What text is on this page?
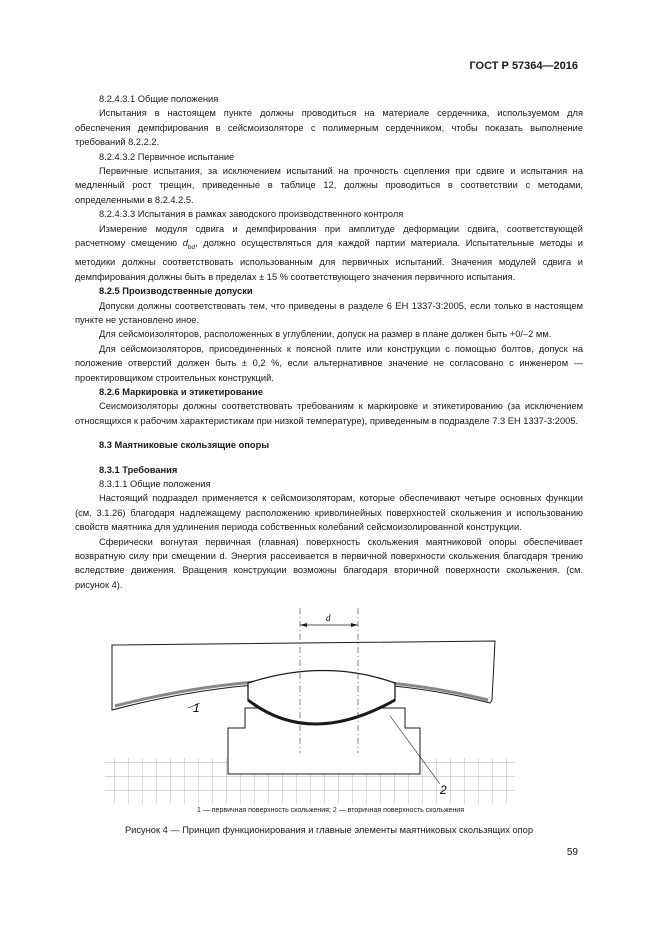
ГОСТ Р 57364—2016

8.2.4.3.1 Общие положения

Испытания в настоящем пункте должны проводиться на материале сердечника, используемом для обеспечения демпфирования в сейсмоизоляторе с полимерным сердечником, чтобы показать выполнение требований 8.2.2.2.

8.2.4.3.2 Первичное испытание

Первичные испытания, за исключением испытаний на прочность сцепления при сдвиге и испытания на медленный рост трещин, приведенные в таблице 12, должны проводиться в соответствии с методами, определенными в 8.2.4.2.5.

8.2.4.3.3 Испытания в рамках заводского производственного контроля

Измерение модуля сдвига и демпфирования при амплитуде деформации сдвига, соответствующей расчетному смещению $d_{bd}$, должно осуществляться для каждой партии материала. Испытательные методы и методики должны соответствовать использованным для первичных испытаний. Значения модулей сдвига и демпфирования должны быть в пределах ± 15 % соответствующего значения первичного испытания.

8.2.5 Производственные допуски

Допуски должны соответствовать тем, что приведены в разделе 6 ЕН 1337-3:2005, если только в настоящем пункте не установлено иное.

Для сейсмоизоляторов, расположенных в углублении, допуск на размер в плане должен быть +0/–2 мм.

Для сейсмоизоляторов, присоединенных к поясной плите или конструкции с помощью болтов, допуск на положение отверстий должен быть ± 0,2 %, если альтернативное значение не согласовано с инженером — проектировщиком строительных конструкций.

8.2.6 Маркировка и этикетирование

Сеисмоизоляторы должны соответствовать требованиям к маркировке и этикетированию (за исключением относящихся к рабочим характеристикам при низкой температуре), приведенным в подразделе 7.3 ЕН 1337-3:2005.

8.3 Маятниковые скользящие опоры

8.3.1 Требования

8.3.1.1 Общие положения

Настоящий подраздел применяется к сейсмоизоляторам, которые обеспечивают четыре основных функции (см. 3.1.26) благодаря надлежащему расположению криволинейных поверхностей скольжения и использованию свойств маятника для удлинения периода собственных колебаний сейсмоизолированной конструкции.

Сферически вогнутая первичная (главная) поверхность скольжения маятниковой опоры обеспечивает возвратную силу при смещении d. Энергия рассеивается в первичной поверхности скольжения благодаря трению вследствие движения. Вращения конструкции возможны благодаря вторичной поверхности скольжения. (см. рисунок 4).

d
1
2
1 — первичная поверхность скольжения; 2 — вторичная поверхность скольжения
Рисунок 4 — Принцип функционирования и главные элементы маятниковых скользящих опор
59
